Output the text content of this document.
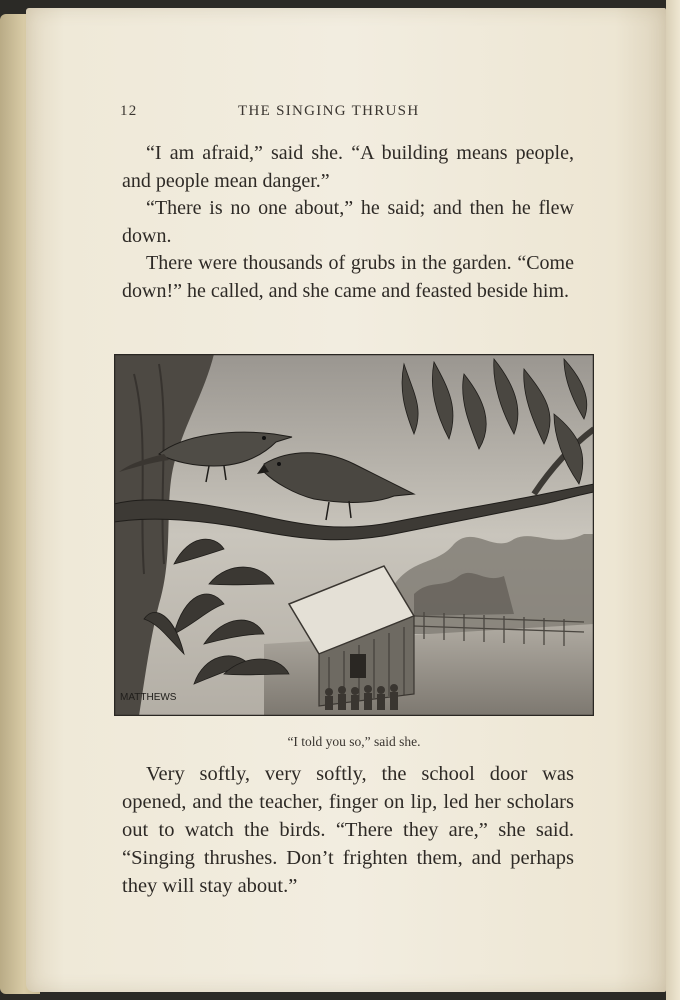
12	THE SINGING THRUSH

“I am afraid,” said she. “A building means people, and people mean danger.”

“There is no one about,” he said; and then he flew down.

There were thousands of grubs in the garden. “Come down!” he called, and she came and feasted beside him.

MATTHEWS
“I told you so,” said she.

Very softly, very softly, the school door was opened, and the teacher, finger on lip, led her scholars out to watch the birds. “There they are,” she said. “Singing thrushes. Don’t frighten them, and perhaps they will stay about.”
